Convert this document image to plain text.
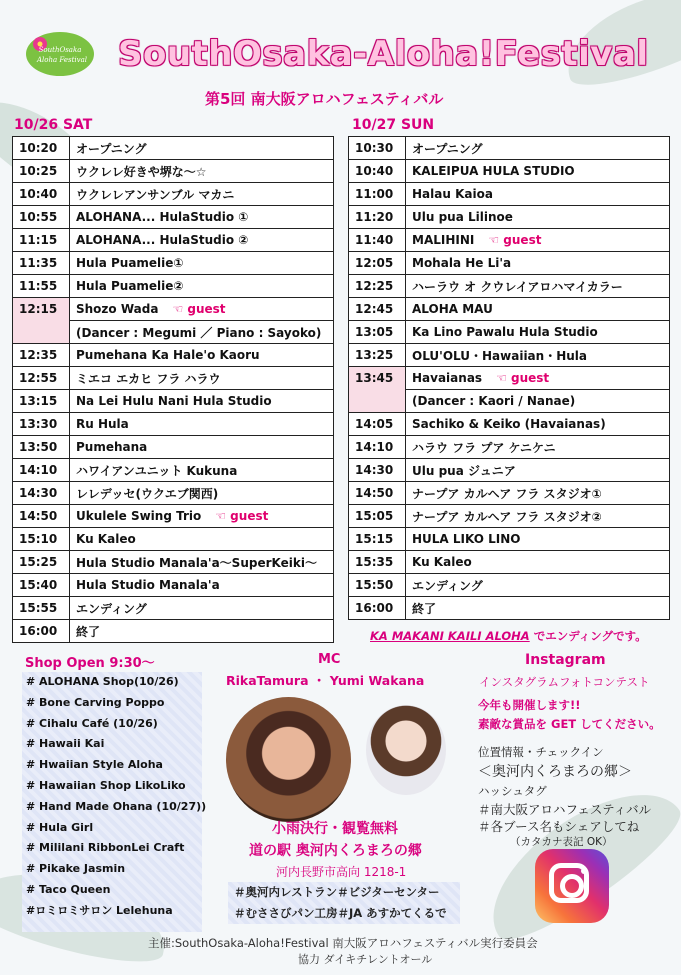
SouthOsaka
Aloha Festival SouthOsaka-Aloha!Festival
第5回 南大阪アロハフェスティバル
10/26 SAT	10/27 SUN
10:20	オープニング
10:25	ウクレレ好きや堺な～☆
10:40	ウクレレアンサンブル マカニ
10:55	ALOHANA... HulaStudio ①
11:15	ALOHANA... HulaStudio ②
11:35	Hula Puamelie①
11:55	Hula Puamelie②
12:15	Shozo Wada ☜ guest
	(Dancer : Megumi ／ Piano : Sayoko)
12:35	Pumehana Ka Hale'o Kaoru
12:55	ミエコ エカヒ フラ ハラウ
13:15	Na Lei Hulu Nani Hula Studio
13:30	Ru Hula
13:50	Pumehana
14:10	ハワイアンユニット Kukuna
14:30	レレデッセ(ウクエブ関西)
14:50	Ukulele Swing Trio ☜ guest
15:10	Ku Kaleo
15:25	Hula Studio Manala'a～SuperKeiki～
15:40	Hula Studio Manala'a
15:55	エンディング
16:00	終了
10:30	オープニング
10:40	KALEIPUA HULA STUDIO
11:00	Halau Kaioa
11:20	Ulu pua Lilinoe
11:40	MALIHINI ☜ guest
12:05	Mohala He Li'a
12:25	ハーラウ オ クウレイアロハマイカラー
12:45	ALOHA MAU
13:05	Ka Lino Pawalu Hula Studio
13:25	OLU'OLU・Hawaiian・Hula
13:45	Havaianas ☜ guest
	(Dancer : Kaori / Nanae)
14:05	Sachiko & Keiko (Havaianas)
14:10	ハラウ フラ プア ケニケニ
14:30	Ulu pua ジュニア
14:50	ナープア カルヘア フラ スタジオ①
15:05	ナープア カルヘア フラ スタジオ②
15:15	HULA LIKO LINO
15:35	Ku Kaleo
15:50	エンディング
16:00	終了
KA MAKANI KAILI ALOHA でエンディングです。
Shop Open 9:30～
# ALOHANA Shop(10/26)
# Bone Carving Poppo
# Cihalu Café (10/26)
# Hawaii Kai
# Hwaiian Style Aloha
# Hawaiian Shop LikoLiko
# Hand Made Ohana (10/27))
# Hula Girl
# Mililani RibbonLei Craft
# Pikake Jasmin
# Taco Queen
#ロミロミサロン Lelehuna
MC
RikaTamura ・ Yumi Wakana
小雨決行・観覧無料
道の駅 奥河内くろまろの郷
河内長野市高向 1218-1
＃奥河内レストラン＃ビジターセンター
＃むささびパン工房＃JA あすかてくるで
Instagram
インスタグラムフォトコンテスト
今年も開催します!!
素敵な賞品を GET してください。
位置情報・チェックイン
＜奥河内くろまろの郷＞
ハッシュタグ
＃南大阪アロハフェスティバル
＃各ブース名もシェアしてね
（カタカナ表記 OK）
主催:SouthOsaka-Aloha!Festival 南大阪アロハフェスティバル実行委員会
協力 ダイキチレントオール
